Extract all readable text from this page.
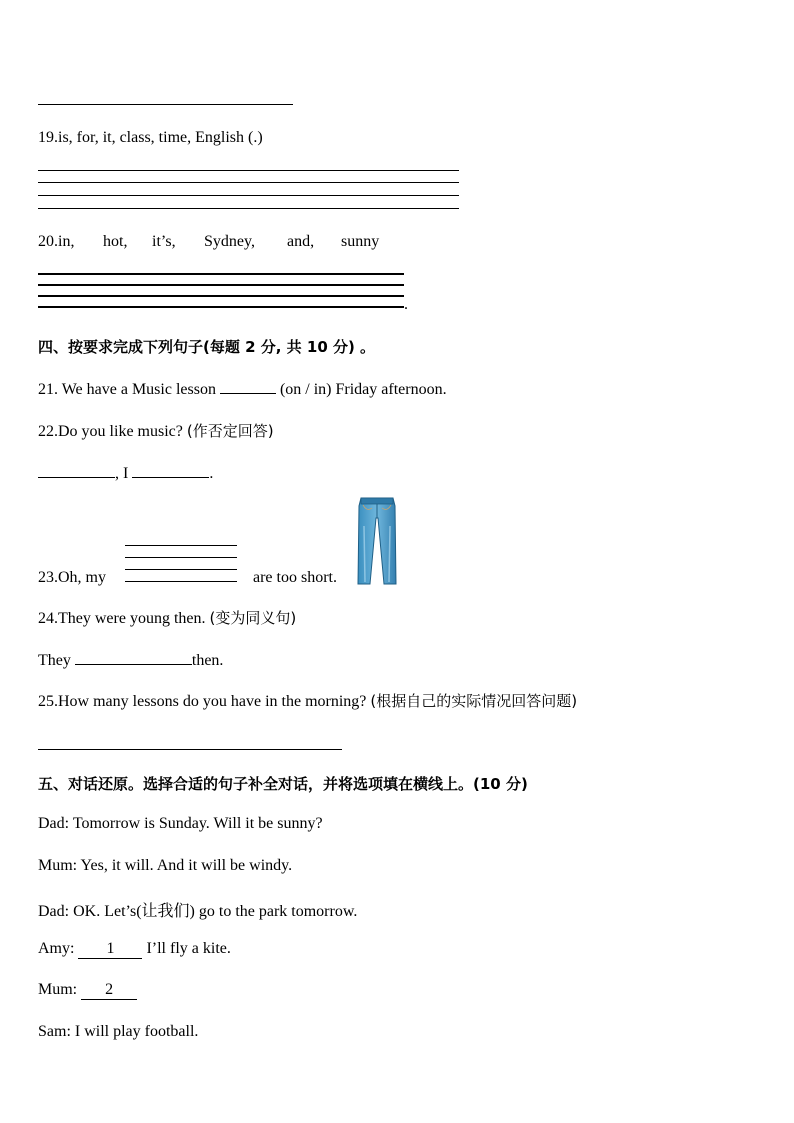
19.is, for, it, class, time, English (.)
20.in, hot, it’s, Sydney, and, sunny
.
四、按要求完成下列句子(每题 2 分, 共 10 分) 。
21. We have a Music lesson	(on / in) Friday afternoon.
22.Do you like music? (作否定回答)
, I	.
23.Oh, my	are too short.
24.They were young then. (变为同义句)
They	then.
25.How many lessons do you have in the morning? (根据自己的实际情况回答问题)
五、对话还原。选择合适的句子补全对话，并将选项填在横线上。(10 分)
Dad: Tomorrow is Sunday. Will it be sunny?
Mum: Yes, it will. And it will be windy.
Dad: OK. Let’s(让我们) go to the park tomorrow.
Amy: 1 I’ll fly a kite.
Mum: 2
Sam: I will play football.
